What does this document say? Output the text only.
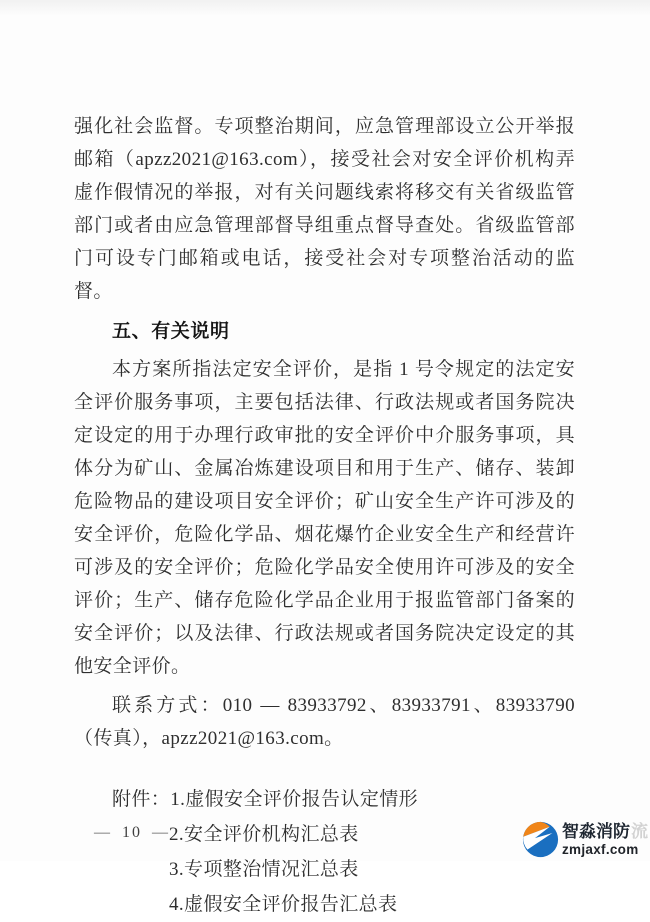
强化社会监督。专项整治期间，应急管理部设立公开举报邮箱（apzz2021@163.com），接受社会对安全评价机构弄虚作假情况的举报，对有关问题线索将移交有关省级监管部门或者由应急管理部督导组重点督导查处。省级监管部门可设专门邮箱或电话，接受社会对专项整治活动的监督。

五、有关说明

本方案所指法定安全评价，是指 1 号令规定的法定安全评价服务事项，主要包括法律、行政法规或者国务院决定设定的用于办理行政审批的安全评价中介服务事项，具体分为矿山、金属冶炼建设项目和用于生产、储存、装卸危险物品的建设项目安全评价；矿山安全生产许可涉及的安全评价，危险化学品、烟花爆竹企业安全生产和经营许可涉及的安全评价；危险化学品安全使用许可涉及的安全评价；生产、储存危险化学品企业用于报监管部门备案的安全评价；以及法律、行政法规或者国务院决定设定的其他安全评价。

联系方式：010 — 83933792、83933791、83933790（传真），apzz2021@163.com。

附件：1.虚假安全评价报告认定情形
2.安全评价机构汇总表
3.专项整治情况汇总表
4.虚假安全评价报告汇总表
— 10 —	智淼消防流
zmjaxf.com
